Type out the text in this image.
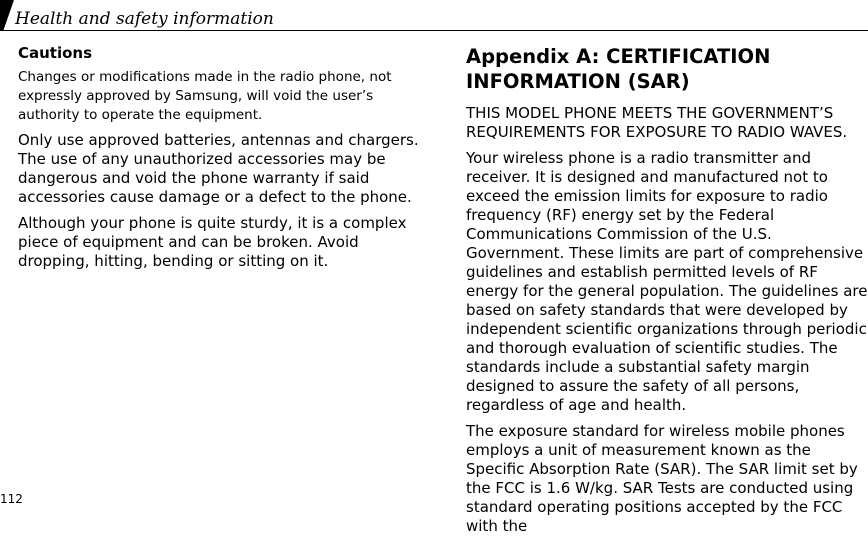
Health and safety information
Cautions

Changes or modifications made in the radio phone, not expressly approved by Samsung, will void the user’s authority to operate the equipment.

Only use approved batteries, antennas and chargers. The use of any unauthorized accessories may be dangerous and void the phone warranty if said accessories cause damage or a defect to the phone.

Although your phone is quite sturdy, it is a complex piece of equipment and can be broken. Avoid dropping, hitting, bending or sitting on it.

Appendix A: CERTIFICATION INFORMATION (SAR)

THIS MODEL PHONE MEETS THE GOVERNMENT’S REQUIREMENTS FOR EXPOSURE TO RADIO WAVES.

Your wireless phone is a radio transmitter and receiver. It is designed and manufactured not to exceed the emission limits for exposure to radio frequency (RF) energy set by the Federal Communications Commission of the U.S. Government. These limits are part of comprehensive guidelines and establish permitted levels of RF energy for the general population. The guidelines are based on safety standards that were developed by independent scientific organizations through periodic and thorough evaluation of scientific studies. The standards include a substantial safety margin designed to assure the safety of all persons, regardless of age and health.

The exposure standard for wireless mobile phones employs a unit of measurement known as the Specific Absorption Rate (SAR). The SAR limit set by the FCC is 1.6 W/kg. SAR Tests are conducted using standard operating positions accepted by the FCC with the

112
